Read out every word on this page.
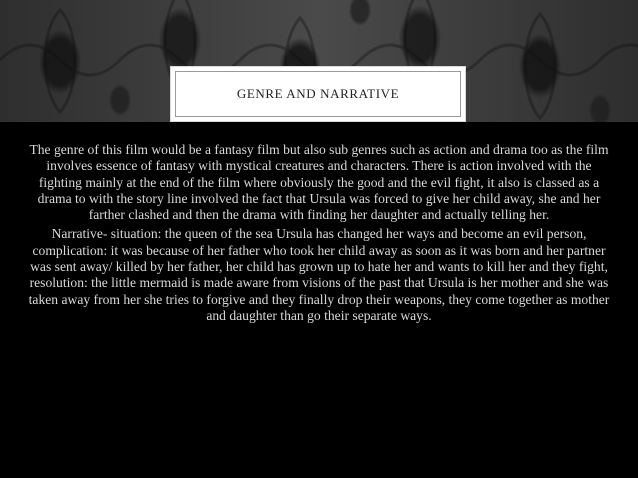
GENRE AND NARRATIVE

The genre of this film would be a fantasy film but also sub genres such as action and drama too as the film involves essence of fantasy with mystical creatures and characters. There is action involved with the fighting mainly at the end of the film where obviously the good and the evil fight, it also is classed as a drama to with the story line involved the fact that Ursula was forced to give her child away, she and her farther clashed and then the drama with finding her daughter and actually telling her.

Narrative- situation: the queen of the sea Ursula has changed her ways and become an evil person, complication: it was because of her father who took her child away as soon as it was born and her partner was sent away/ killed by her father, her child has grown up to hate her and wants to kill her and they fight, resolution: the little mermaid is made aware from visions of the past that Ursula is her mother and she was taken away from her she tries to forgive and they finally drop their weapons, they come together as mother and daughter than go their separate ways.
